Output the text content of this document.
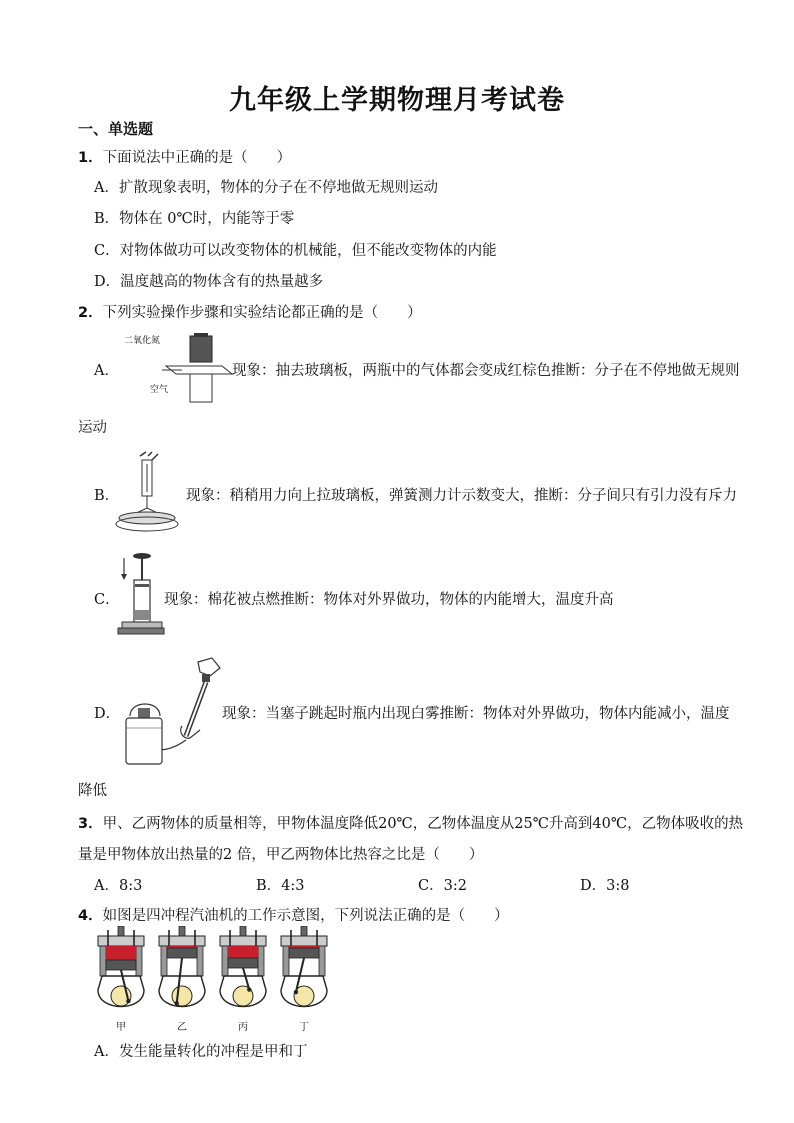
九年级上学期物理月考试卷
一、单选题
1．下面说法中正确的是（　　）
A．扩散现象表明，物体的分子在不停地做无规则运动
B．物体在 0℃时，内能等于零
C．对物体做功可以改变物体的机械能，但不能改变物体的内能
D．温度越高的物体含有的热量越多
2．下列实验操作步骤和实验结论都正确的是（　　）
A．
二氧化氮
空气
现象：抽去玻璃板，两瓶中的气体都会变成红棕色推断：分子在不停地做无规则
运动
B．	现象：稍稍用力向上拉玻璃板，弹簧测力计示数变大，推断：分子间只有引力没有斥力
C．	现象：棉花被点燃推断：物体对外界做功，物体的内能增大，温度升高
D．	现象：当塞子跳起时瓶内出现白雾推断：物体对外界做功，物体内能减小，温度
降低
3．甲、乙两物体的质量相等，甲物体温度降低20℃，乙物体温度从25℃升高到40℃，乙物体吸收的热
量是甲物体放出热量的2 倍，甲乙两物体比热容之比是（　　）
A．8:3	B．4:3	C．3:2	D．3:8
4．如图是四冲程汽油机的工作示意图，下列说法正确的是（　　）
甲	乙	丙	丁
A．发生能量转化的冲程是甲和丁
